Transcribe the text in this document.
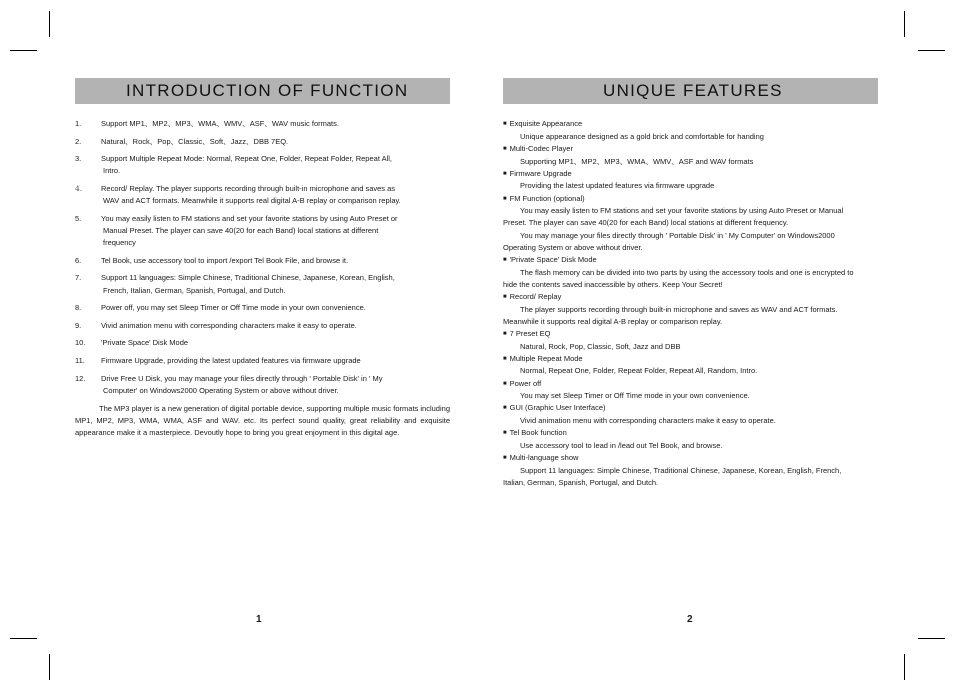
INTRODUCTION OF FUNCTION	UNIQUE FEATURES
1.	Support MP1、MP2、MP3、WMA、WMV、ASF、WAV music formats.
2.	Natural、Rock、Pop、Classic、Soft、Jazz、DBB 7EQ.
3.	Support Multiple Repeat Mode: Normal, Repeat One, Folder, Repeat Folder, Repeat All,
Intro.
4.	Record/ Replay. The player supports recording through built-in microphone and saves as
WAV and ACT formats. Meanwhile it supports real digital A-B replay or comparison replay.
5.	You may easily listen to FM stations and set your favorite stations by using Auto Preset or
Manual Preset. The player can save 40(20 for each Band) local stations at different
frequency
6.	Tel Book, use accessory tool to import /export Tel Book File, and browse it.
7.	Support 11 languages: Simple Chinese, Traditional Chinese, Japanese, Korean, English,
French, Italian, German, Spanish, Portugal, and Dutch.
8.	Power off, you may set Sleep Timer or Off Time mode in your own convenience.
9.	Vivid animation menu with corresponding characters make it easy to operate.
10. 'Private Space' Disk Mode
11. Firmware Upgrade, providing the latest updated features via firmware upgrade
12. Drive Free U Disk, you may manage your files directly through ' Portable Disk' in ' My
Computer' on Windows2000 Operating System or above without driver.
The MP3 player is a new generation of digital portable device, supporting multiple music formats including MP1, MP2, MP3, WMA, WMA, ASF and WAV. etc. Its perfect sound quality, great reliability and exquisite appearance make it a masterpiece. Devoutly hope to bring you great enjoyment in this digital age.
■ Exquisite Appearance
Unique appearance designed as a gold brick and comfortable for handing
■ Multi-Codec Player
Supporting MP1、MP2、MP3、WMA、WMV、ASF and WAV formats
■ Firmware Upgrade
Providing the latest updated features via firmware upgrade
■ FM Function (optional)
You may easily listen to FM stations and set your favorite stations by using Auto Preset or Manual Preset. The player can save 40(20 for each Band) local stations at different frequency.
You may manage your files directly through ' Portable Disk' in ' My Computer' on Windows2000 Operating System or above without driver.
■ 'Private Space' Disk Mode
The flash memory can be divided into two parts by using the accessory tools and one is encrypted to hide the contents saved inaccessible by others. Keep Your Secret!
■ Record/ Replay
The player supports recording through built-in microphone and saves as WAV and ACT formats. Meanwhile it supports real digital A-B replay or comparison replay.
■ 7 Preset EQ
Natural, Rock, Pop, Classic, Soft, Jazz and DBB
■ Multiple Repeat Mode
Normal, Repeat One, Folder, Repeat Folder, Repeat All, Random, Intro.
■ Power off
You may set Sleep Timer or Off Time mode in your own convenience.
■ GUI (Graphic User Interface)
Vivid animation menu with corresponding characters make it easy to operate.
■ Tel Book function
Use accessory tool to lead in /lead out Tel Book, and browse.
■ Multi-language show
Support 11 languages: Simple Chinese, Traditional Chinese, Japanese, Korean, English, French, Italian, German, Spanish, Portugal, and Dutch.
1	2
